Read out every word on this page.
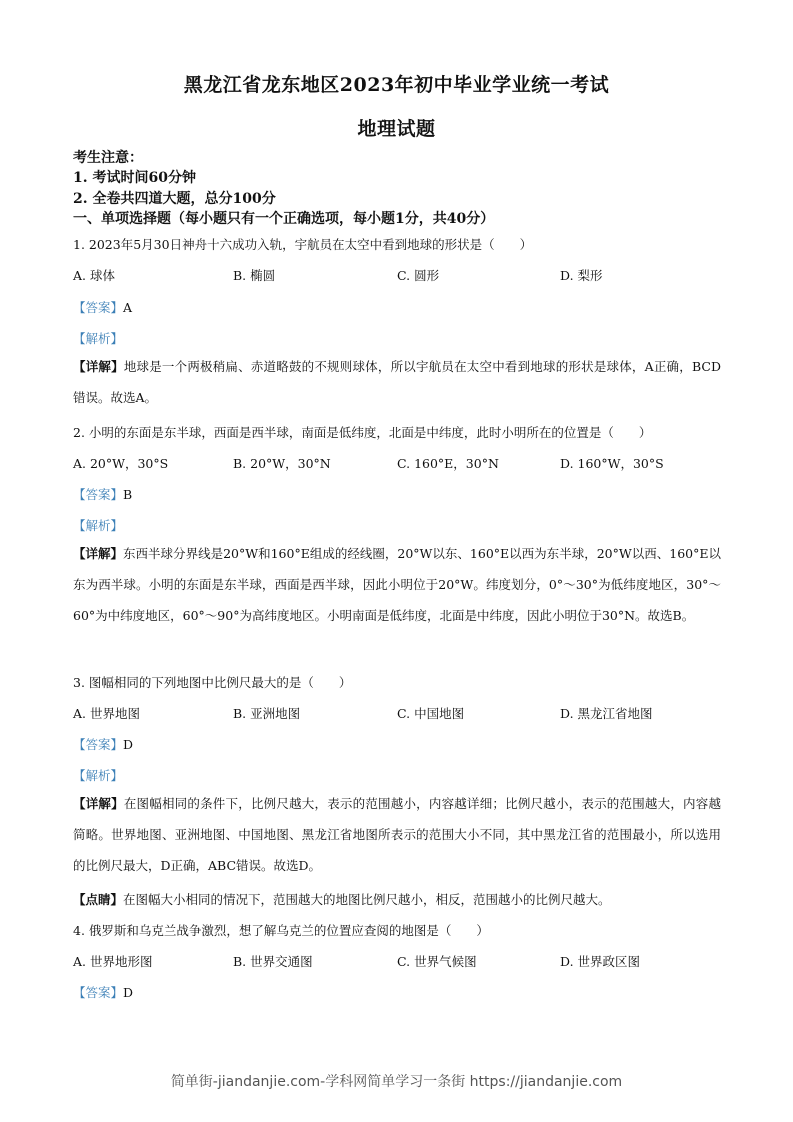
黑龙江省龙东地区2023年初中毕业学业统一考试
地理试题
考生注意：
1. 考试时间60分钟
2. 全卷共四道大题，总分100分
一、单项选择题（每小题只有一个正确选项，每小题1分，共40分）
1. 2023年5月30日神舟十六成功入轨，宇航员在太空中看到地球的形状是（　　）
A. 球体	B. 椭圆	C. 圆形	D. 梨形
【答案】A
【解析】
【详解】地球是一个两极稍扁、赤道略鼓的不规则球体，所以宇航员在太空中看到地球的形状是球体，A正确，BCD错误。故选A。
2. 小明的东面是东半球，西面是西半球，南面是低纬度，北面是中纬度，此时小明所在的位置是（　　）
A. 20°W，30°S	B. 20°W，30°N	C. 160°E，30°N	D. 160°W，30°S
【答案】B
【解析】
【详解】东西半球分界线是20°W和160°E组成的经线圈，20°W以东、160°E以西为东半球，20°W以西、160°E以东为西半球。小明的东面是东半球，西面是西半球，因此小明位于20°W。纬度划分，0°～30°为低纬度地区，30°～60°为中纬度地区，60°～90°为高纬度地区。小明南面是低纬度，北面是中纬度，因此小明位于30°N。故选B。
3. 图幅相同的下列地图中比例尺最大的是（　　）
A. 世界地图	B. 亚洲地图	C. 中国地图	D. 黑龙江省地图
【答案】D
【解析】
【详解】在图幅相同的条件下，比例尺越大，表示的范围越小，内容越详细；比例尺越小，表示的范围越大，内容越简略。世界地图、亚洲地图、中国地图、黑龙江省地图所表示的范围大小不同，其中黑龙江省的范围最小，所以选用的比例尺最大，D正确，ABC错误。故选D。
【点睛】在图幅大小相同的情况下，范围越大的地图比例尺越小，相反，范围越小的比例尺越大。
4. 俄罗斯和乌克兰战争激烈，想了解乌克兰的位置应查阅的地图是（　　）
A. 世界地形图	B. 世界交通图	C. 世界气候图	D. 世界政区图
【答案】D
简单街-jiandanjie.com-学科网简单学习一条街 https://jiandanjie.com
